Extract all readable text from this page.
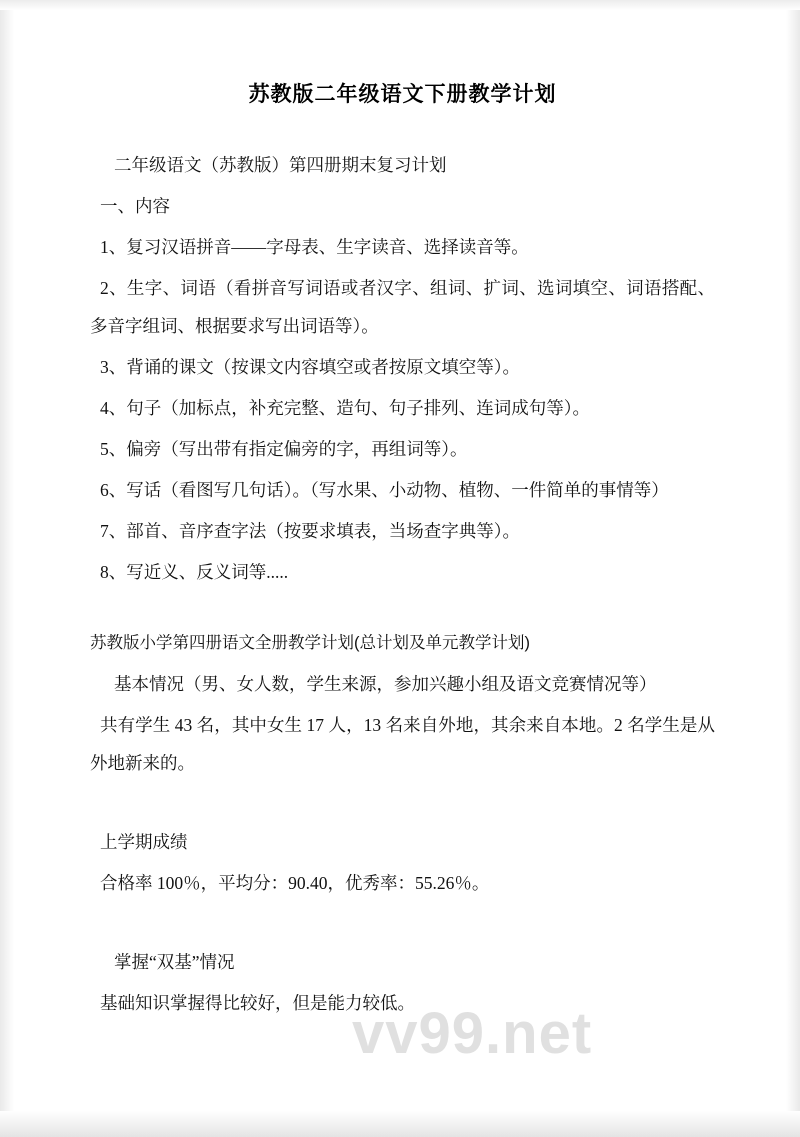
苏教版二年级语文下册教学计划

二年级语文（苏教版）第四册期末复习计划

一、内容

1、复习汉语拼音——字母表、生字读音、选择读音等。

2、生字、词语（看拼音写词语或者汉字、组词、扩词、选词填空、词语搭配、多音字组词、根据要求写出词语等）。

3、背诵的课文（按课文内容填空或者按原文填空等）。

4、句子（加标点，补充完整、造句、句子排列、连词成句等）。

5、偏旁（写出带有指定偏旁的字，再组词等）。

6、写话（看图写几句话）。（写水果、小动物、植物、一件简单的事情等）

7、部首、音序查字法（按要求填表，当场查字典等）。

8、写近义、反义词等.....

苏教版小学第四册语文全册教学计划(总计划及单元教学计划)

基本情况（男、女人数，学生来源，参加兴趣小组及语文竞赛情况等）

共有学生 43 名，其中女生 17 人，13 名来自外地，其余来自本地。2 名学生是从外地新来的。

上学期成绩

合格率 100％，平均分：90.40，优秀率：55.26％。

掌握“双基”情况

基础知识掌握得比较好，但是能力较低。

vv99.net
